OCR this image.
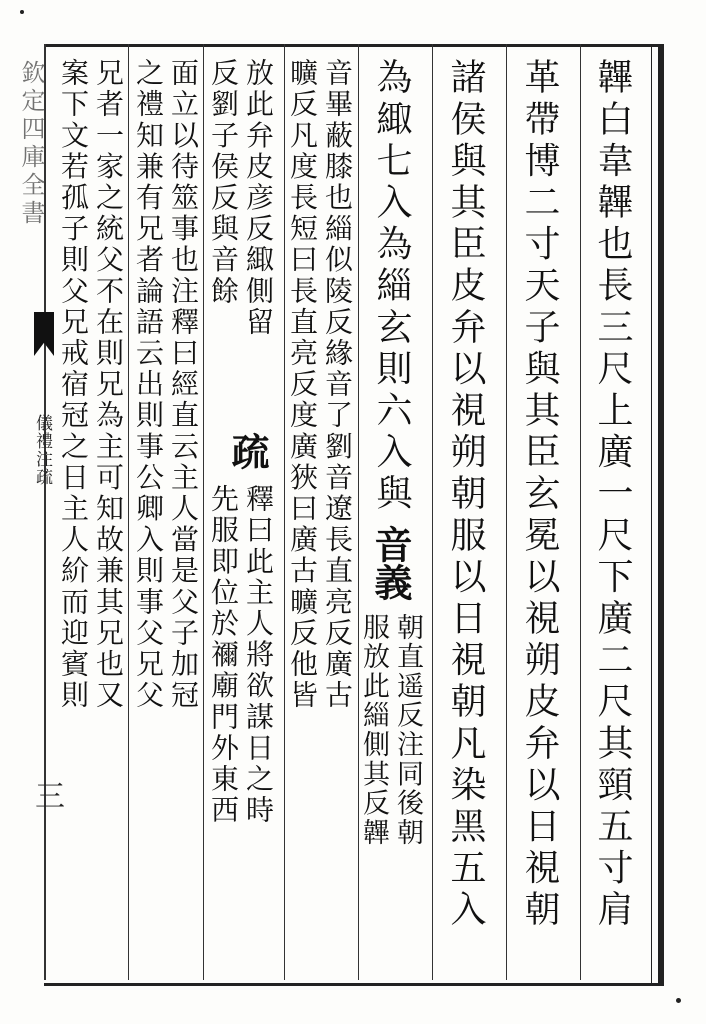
韠白韋韠也長三尺上廣一尺下廣二尺其頸五寸肩
革帶博二寸天子與其臣玄冕以視朔皮弁以日視朝
諸侯與其臣皮弁以視朔朝服以日視朝凡染黑五入
為緅七入為緇玄則六入與
音義
朝直遥反注同後朝
服放此緇側其反韠
音畢蔽膝也緇似陵反緣音了劉音遼長直亮反廣古
曠反凡度長短曰長直亮反度廣狹曰廣古曠反他皆
放此弁皮彦反緅側留
疏
釋曰此主人將欲謀日之時
反劉子侯反與音餘
先服即位於禰廟門外東西
面立以待筮事也注釋曰經直云主人當是父子加冠
之禮知兼有兄者論語云出則事公卿入則事父兄父
兄者一家之統父不在則兄為主可知故兼其兄也又
案下文若孤子則父兄戒宿冠之日主人紒而迎賓則
欽定四庫全書
儀禮注疏
三
